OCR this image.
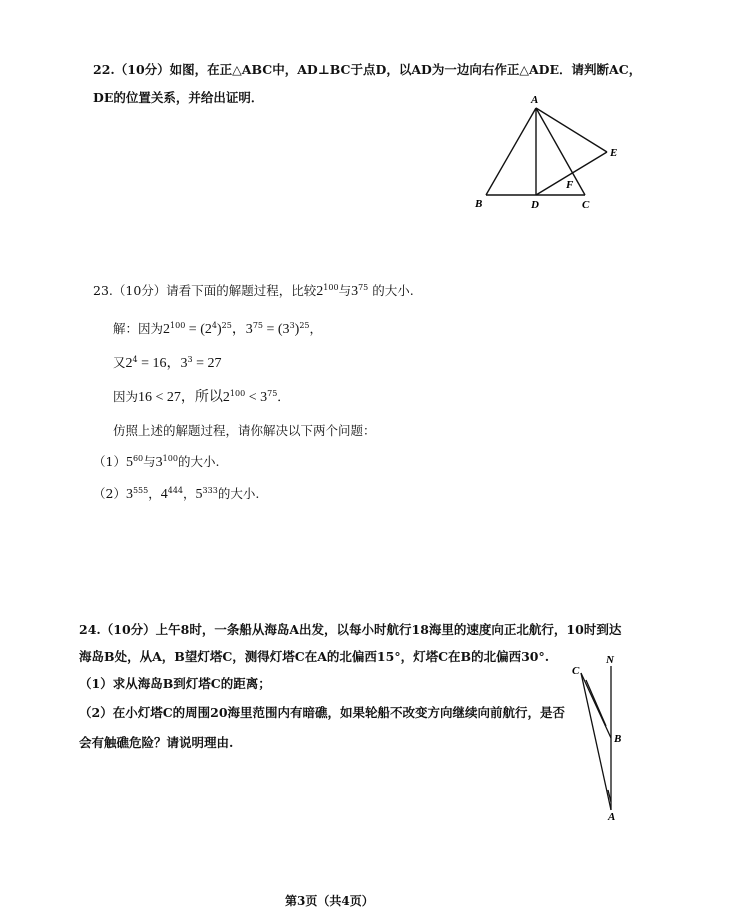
22.（10分）如图，在正△ABC中，AD⊥BC于点D，以AD为一边向右作正△ADE．请判断AC，
DE的位置关系，并给出证明．	A
B	D	C
E
F
23.（10分）请看下面的解题过程，比较$2^{100}$与$3^{75}$ 的大小.
解：因为$2^{100} = (2^4)^{25}$，$3^{75} = (3^3)^{25}$，
又$2^4 = 16$，$3^3 = 27$
因为16 < 27，所以$2^{100} < 3^{75}$．
仿照上述的解题过程，请你解决以下两个问题：
$(1)5^{60}$与$3^{100}$的大小.
$(2)3^{555}$，$4^{444}$，$5^{333}$的大小.
24.（10分）上午8时，一条船从海岛A出发，以每小时航行18海里的速度向正北航行，10时到达
海岛B处，从A，B望灯塔C，测得灯塔C在A的北偏西15°，灯塔C在B的北偏西30°.
（1）求从海岛B到灯塔C的距离；
（2）在小灯塔C的周围20海里范围内有暗礁，如果轮船不改变方向继续向前航行，是否
会有触礁危险？请说明理由.
N
C
B
A
第3页（共4页）
